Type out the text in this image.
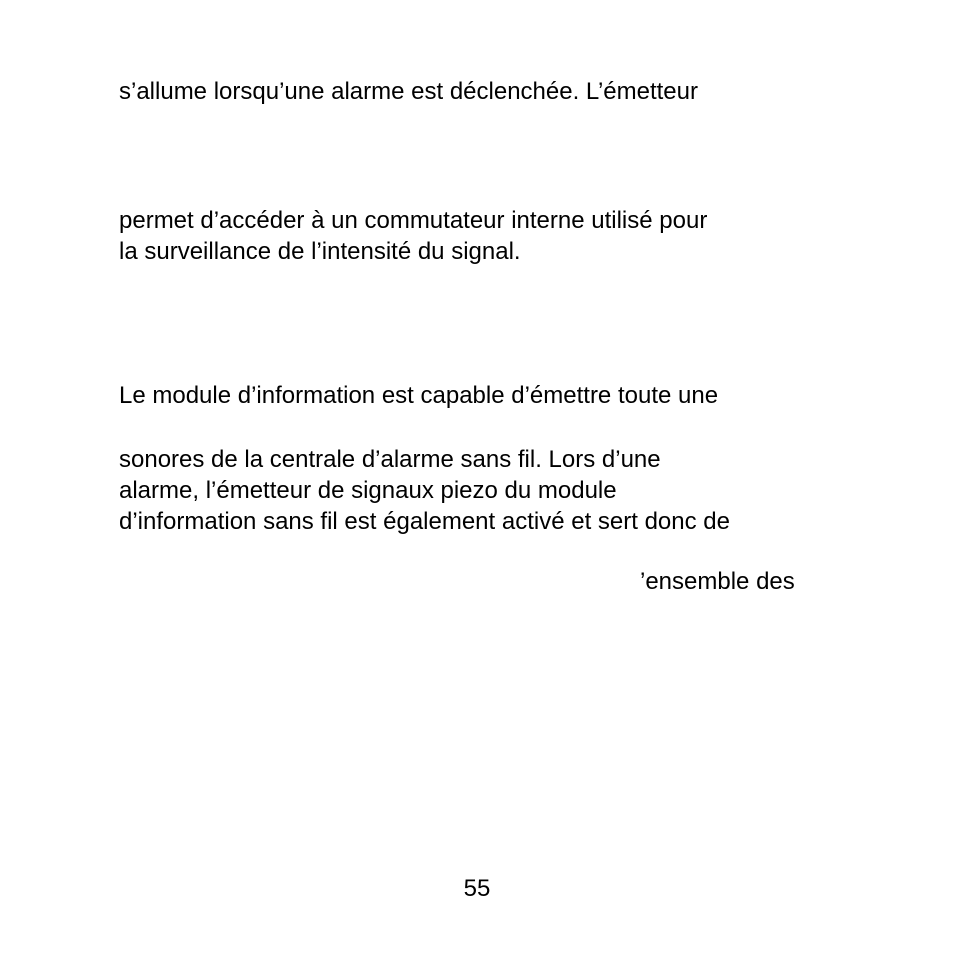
s’allume lorsqu’une alarme est déclenchée. L’émetteur

permet d’accéder à un commutateur interne utilisé pour

la surveillance de l’intensité du signal.

Le module d’information est capable d’émettre toute une

sonores de la centrale d’alarme sans fil. Lors d’une

alarme, l’émetteur de signaux piezo du module

d’information sans fil est également activé et sert donc de

’ensemble des

55
